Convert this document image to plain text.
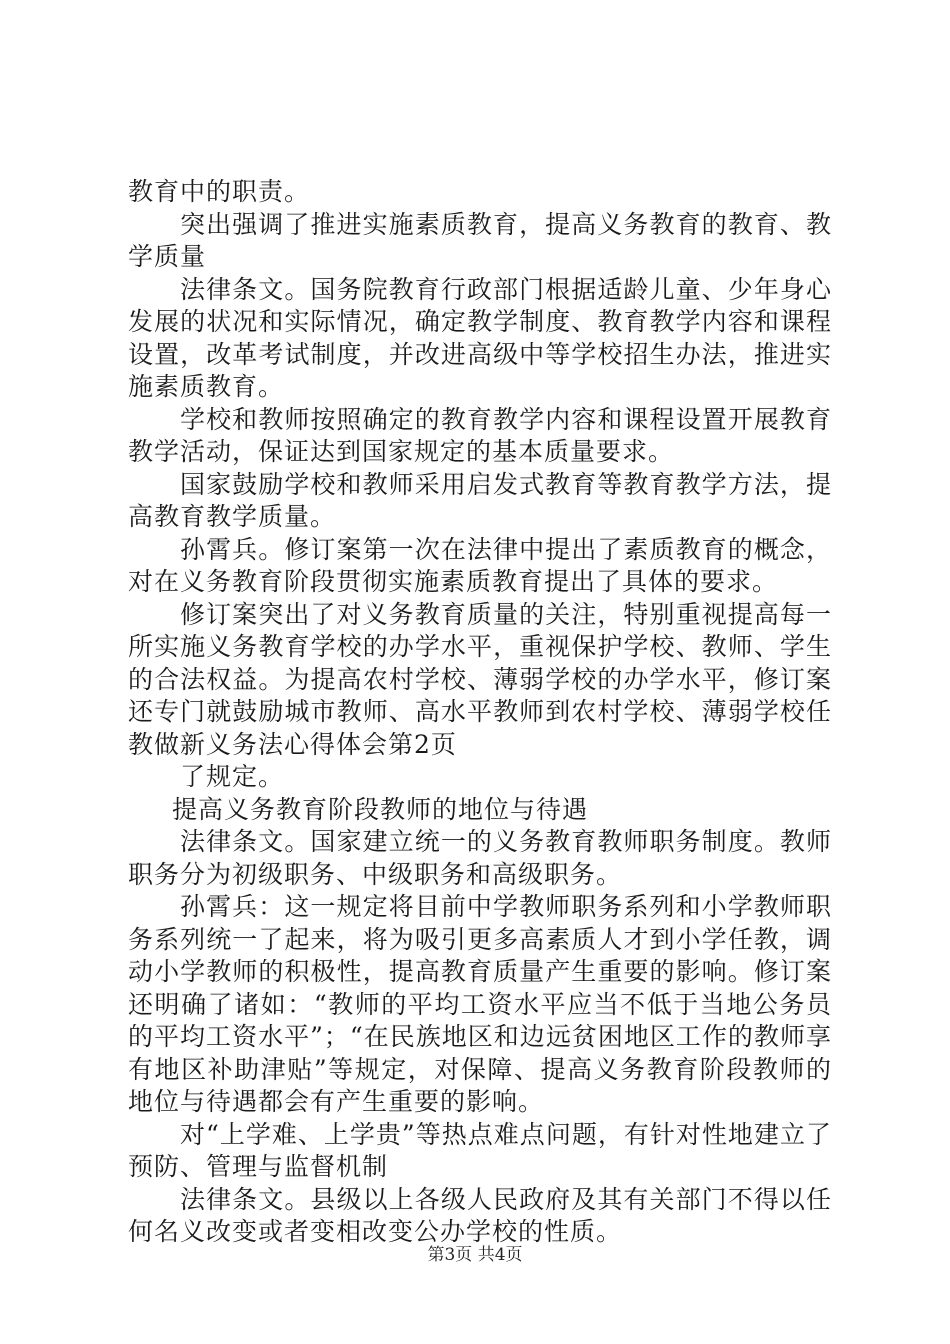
教育中的职责。

突出强调了推进实施素质教育，提高义务教育的教育、教学质量

法律条文。国务院教育行政部门根据适龄儿童、少年身心发展的状况和实际情况，确定教学制度、教育教学内容和课程设置，改革考试制度，并改进高级中等学校招生办法，推进实施素质教育。

学校和教师按照确定的教育教学内容和课程设置开展教育教学活动，保证达到国家规定的基本质量要求。

国家鼓励学校和教师采用启发式教育等教育教学方法，提高教育教学质量。

孙霄兵。修订案第一次在法律中提出了素质教育的概念，对在义务教育阶段贯彻实施素质教育提出了具体的要求。

修订案突出了对义务教育质量的关注，特别重视提高每一所实施义务教育学校的办学水平，重视保护学校、教师、学生的合法权益。为提高农村学校、薄弱学校的办学水平，修订案还专门就鼓励城市教师、高水平教师到农村学校、薄弱学校任教做新义务法心得体会第2页

了规定。

提高义务教育阶段教师的地位与待遇

法律条文。国家建立统一的义务教育教师职务制度。教师职务分为初级职务、中级职务和高级职务。

孙霄兵：这一规定将目前中学教师职务系列和小学教师职务系列统一了起来，将为吸引更多高素质人才到小学任教，调动小学教师的积极性，提高教育质量产生重要的影响。修订案还明确了诸如：“教师的平均工资水平应当不低于当地公务员的平均工资水平”；“在民族地区和边远贫困地区工作的教师享有地区补助津贴”等规定，对保障、提高义务教育阶段教师的地位与待遇都会有产生重要的影响。

对“上学难、上学贵”等热点难点问题，有针对性地建立了预防、管理与监督机制

法律条文。县级以上各级人民政府及其有关部门不得以任何名义改变或者变相改变公办学校的性质。

第3页 共4页
